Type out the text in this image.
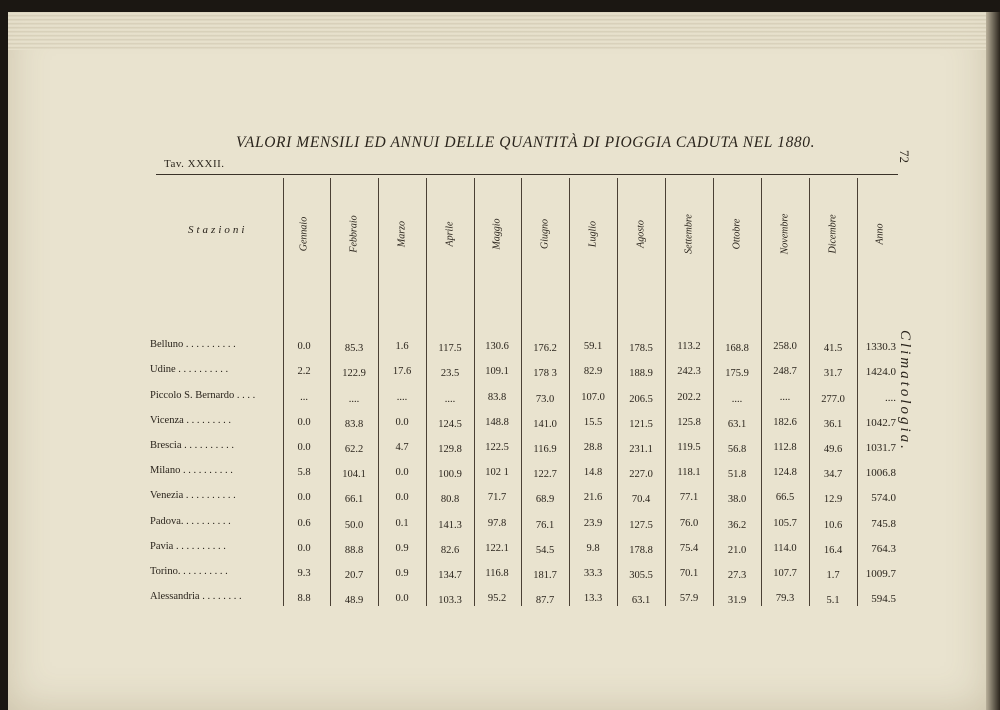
VALORI MENSILI ED ANNUI DELLE QUANTITÀ DI PIOGGIA CADUTA NEL 1880.
Tav. XXXII.
72
Climatologia.
Stazioni	Gennaio	Febbraio	Marzo	Aprile	Maggio	Giugno	Luglio	Agosto	Settembre	Ottobre	Novembre	Dicembre	Anno
Belluno . . . . . . . . . .	0.0	85.3	1.6	117.5	130.6	176.2	59.1	178.5	113.2	168.8	258.0	41.5	1330.3
Udine . . . . . . . . . .	2.2	122.9	17.6	23.5	109.1	178 3	82.9	188.9	242.3	175.9	248.7	31.7	1424.0
Piccolo S. Bernardo . . . .	...	....	....	....	83.8	73.0	107.0	206.5	202.2	....	....	277.0	....
Vicenza . . . . . . . . .	0.0	83.8	0.0	124.5	148.8	141.0	15.5	121.5	125.8	63.1	182.6	36.1	1042.7
Brescia . . . . . . . . . .	0.0	62.2	4.7	129.8	122.5	116.9	28.8	231.1	119.5	56.8	112.8	49.6	1031.7
Milano . . . . . . . . . .	5.8	104.1	0.0	100.9	102 1	122.7	14.8	227.0	118.1	51.8	124.8	34.7	1006.8
Venezia . . . . . . . . . .	0.0	66.1	0.0	80.8	71.7	68.9	21.6	70.4	77.1	38.0	66.5	12.9	574.0
Padova. . . . . . . . . .	0.6	50.0	0.1	141.3	97.8	76.1	23.9	127.5	76.0	36.2	105.7	10.6	745.8
Pavia . . . . . . . . . .	0.0	88.8	0.9	82.6	122.1	54.5	9.8	178.8	75.4	21.0	114.0	16.4	764.3
Torino. . . . . . . . . .	9.3	20.7	0.9	134.7	116.8	181.7	33.3	305.5	70.1	27.3	107.7	1.7	1009.7
Alessandria . . . . . . . .	8.8	48.9	0.0	103.3	95.2	87.7	13.3	63.1	57.9	31.9	79.3	5.1	594.5
